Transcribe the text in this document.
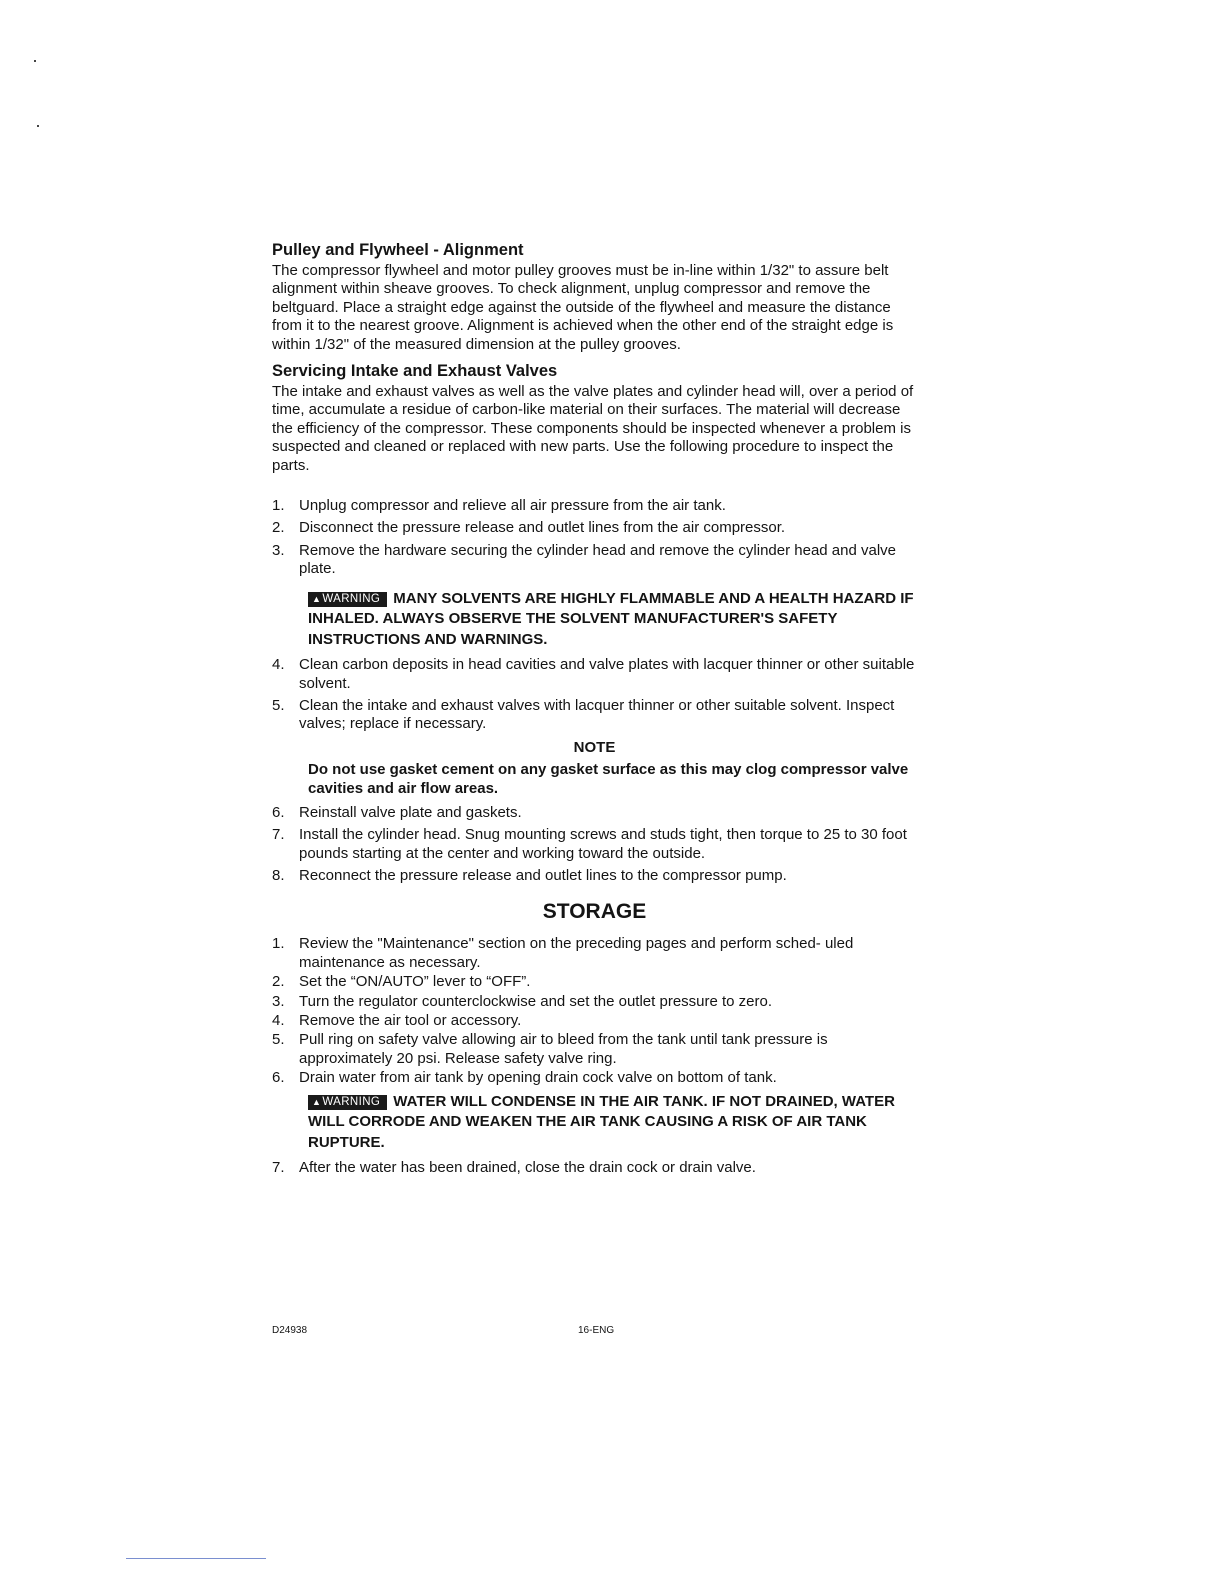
Pulley and Flywheel - Alignment

The compressor flywheel and motor pulley grooves must be in-line within 1/32" to assure belt alignment within sheave grooves. To check alignment, unplug compressor and remove the beltguard. Place a straight edge against the outside of the flywheel and measure the distance from it to the nearest groove. Alignment is achieved when the other end of the straight edge is within 1/32" of the measured dimension at the pulley grooves.

Servicing Intake and Exhaust Valves

The intake and exhaust valves as well as the valve plates and cylinder head will, over a period of time, accumulate a residue of carbon-like material on their surfaces. The material will decrease the efficiency of the compressor. These components should be inspected whenever a problem is suspected and cleaned or replaced with new parts. Use the following procedure to inspect the parts.

1. Unplug compressor and relieve all air pressure from the air tank.
2. Disconnect the pressure release and outlet lines from the air compressor.
3. Remove the hardware securing the cylinder head and remove the cylinder head and valve plate.
▲WARNING MANY SOLVENTS ARE HIGHLY FLAMMABLE AND A HEALTH HAZARD IF INHALED. ALWAYS OBSERVE THE SOLVENT MANUFACTURER'S SAFETY INSTRUCTIONS AND WARNINGS.
4. Clean carbon deposits in head cavities and valve plates with lacquer thinner or other suitable solvent.
5. Clean the intake and exhaust valves with lacquer thinner or other suitable solvent. Inspect valves; replace if necessary.
NOTE
Do not use gasket cement on any gasket surface as this may clog compressor valve cavities and air flow areas.
6. Reinstall valve plate and gaskets.
7. Install the cylinder head. Snug mounting screws and studs tight, then torque to 25 to 30 foot pounds starting at the center and working toward the outside.
8. Reconnect the pressure release and outlet lines to the compressor pump.
STORAGE
1. Review the "Maintenance" section on the preceding pages and perform sched- uled maintenance as necessary.
2. Set the “ON/AUTO” lever to “OFF”.
3. Turn the regulator counterclockwise and set the outlet pressure to zero.
4. Remove the air tool or accessory.
5. Pull ring on safety valve allowing air to bleed from the tank until tank pressure is approximately 20 psi. Release safety valve ring.
6. Drain water from air tank by opening drain cock valve on bottom of tank.
▲WARNING WATER WILL CONDENSE IN THE AIR TANK. IF NOT DRAINED, WATER WILL CORRODE AND WEAKEN THE AIR TANK CAUSING A RISK OF AIR TANK RUPTURE.
7. After the water has been drained, close the drain cock or drain valve.
D24938	16-ENG
